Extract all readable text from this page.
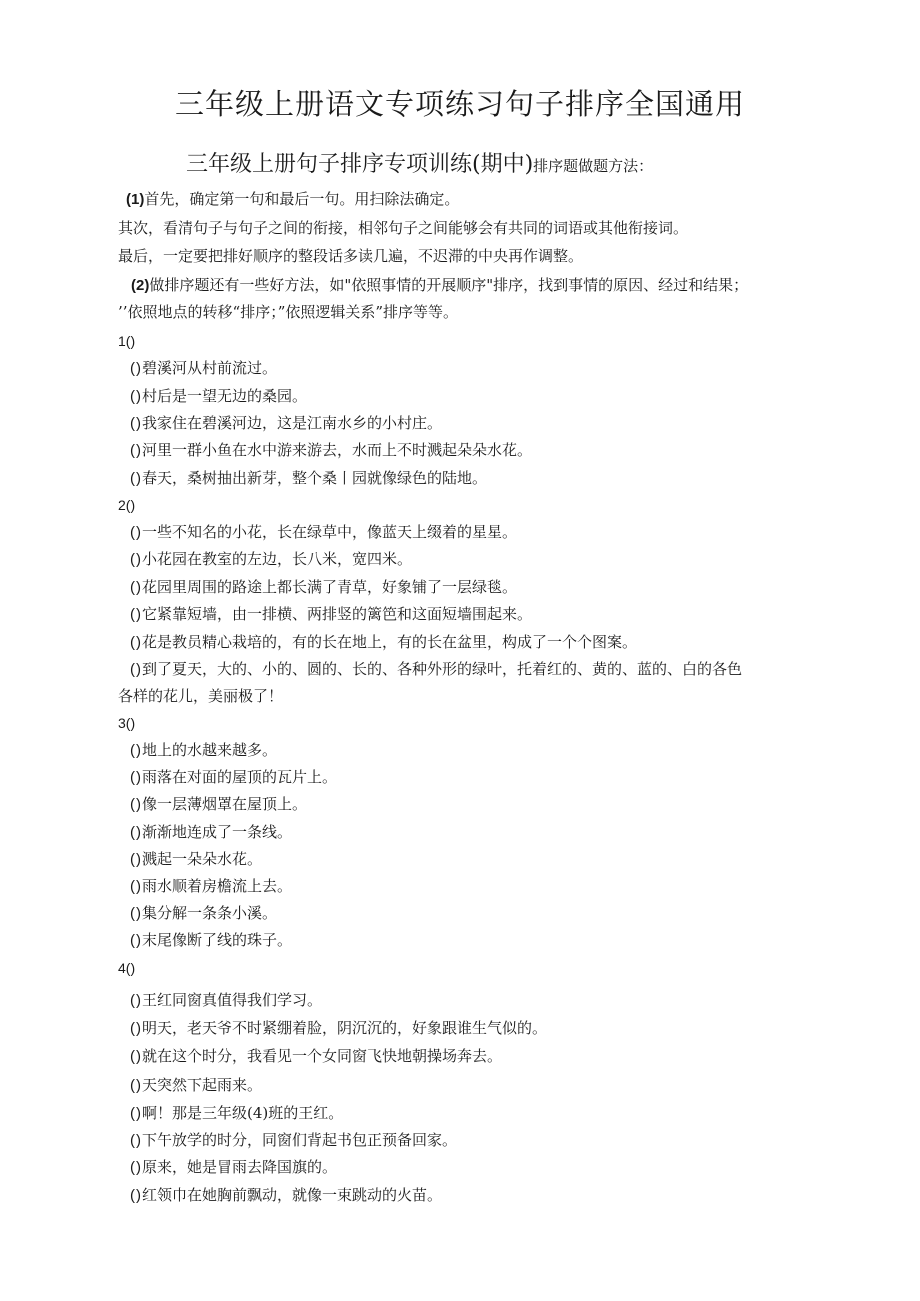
三年级上册语文专项练习句子排序全国通用
三年级上册句子排序专项训练(期中)排序题做题方法：
(1)首先，确定第一句和最后一句。用扫除法确定。
其次，看清句子与句子之间的衔接，相邻句子之间能够会有共同的词语或其他衔接词。
最后，一定要把排好顺序的整段话多读几遍，不迟滞的中央再作调整。
(2)做排序题还有一些好方法，如"依照事情的开展顺序"排序，找到事情的原因、经过和结果；
’’依照地点的转移“排序；”依照逻辑关系”排序等等。
1()
()碧溪河从村前流过。
()村后是一望无边的桑园。
()我家住在碧溪河边，这是江南水乡的小村庄。
()河里一群小鱼在水中游来游去，水而上不时溅起朵朵水花。
()春天，桑树抽出新芽，整个桑丨园就像绿色的陆地。
2()
()一些不知名的小花，长在绿草中，像蓝天上缀着的星星。
()小花园在教室的左边，长八米，宽四米。
()花园里周围的路途上都长满了青草，好象铺了一层绿毯。
()它紧靠短墙，由一排横、两排竖的篱笆和这面短墙围起来。
()花是教员精心栽培的，有的长在地上，有的长在盆里，构成了一个个图案。
()到了夏天，大的、小的、圆的、长的、各种外形的绿叶，托着红的、黄的、蓝的、白的各色
各样的花儿，美丽极了！
3()
()地上的水越来越多。
()雨落在对面的屋顶的瓦片上。
()像一层薄烟罩在屋顶上。
()渐渐地连成了一条线。
()溅起一朵朵水花。
()雨水顺着房檐流上去。
()集分解一条条小溪。
()末尾像断了线的珠子。
4()
()王红同窗真值得我们学习。
()明天，老天爷不时紧绷着脸，阴沉沉的，好象跟谁生气似的。
()就在这个时分，我看见一个女同窗飞快地朝操场奔去。
()天突然下起雨来。
()啊！那是三年级(4)班的王红。
()下午放学的时分，同窗们背起书包正预备回家。
()原来，她是冒雨去降国旗的。
()红领巾在她胸前飘动，就像一束跳动的火苗。
